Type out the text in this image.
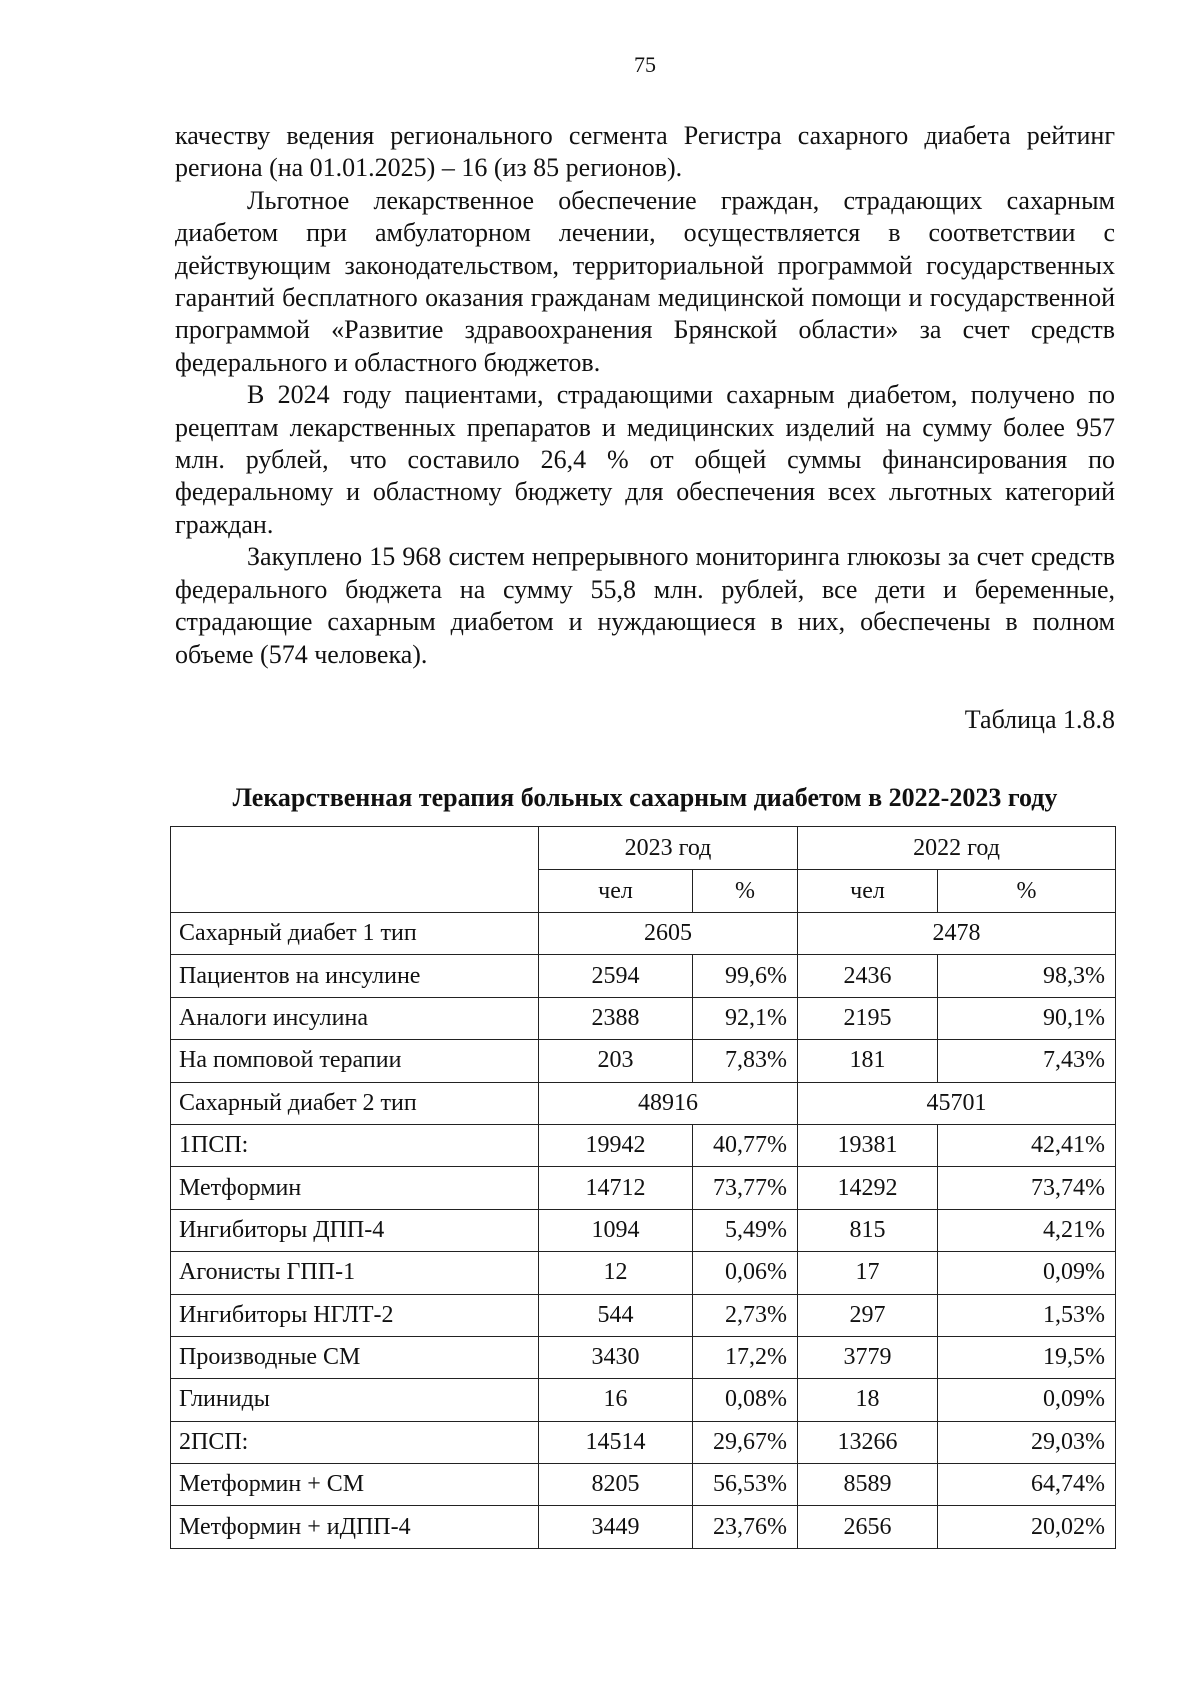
75

качеству ведения регионального сегмента Регистра сахарного диабета рейтинг региона (на 01.01.2025) – 16 (из 85 регионов).

Льготное лекарственное обеспечение граждан, страдающих сахарным диабетом при амбулаторном лечении, осуществляется в соответствии с действующим законодательством, территориальной программой государственных гарантий бесплатного оказания гражданам медицинской помощи и государственной программой «Развитие здравоохранения Брянской области» за счет средств федерального и областного бюджетов.

В 2024 году пациентами, страдающими сахарным диабетом, получено по рецептам лекарственных препаратов и медицинских изделий на сумму более 957 млн. рублей, что составило 26,4 % от общей суммы финансирования по федеральному и областному бюджету для обеспечения всех льготных категорий граждан.

Закуплено 15 968 систем непрерывного мониторинга глюкозы за счет средств федерального бюджета на сумму 55,8 млн. рублей, все дети и беременные, страдающие сахарным диабетом и нуждающиеся в них, обеспечены в полном объеме (574 человека).

Таблица 1.8.8
Лекарственная терапия больных сахарным диабетом в 2022-2023 году
	2023 год		2022 год	
	чел	%	чел	%
Сахарный диабет 1 тип	2605		2478	
Пациентов на инсулине	2594	99,6%	2436	98,3%
Аналоги инсулина	2388	92,1%	2195	90,1%
На помповой терапии	203	7,83%	181	7,43%
Сахарный диабет 2 тип	48916		45701	
1ПСП:	19942	40,77%	19381	42,41%
Метформин	14712	73,77%	14292	73,74%
Ингибиторы ДПП-4	1094	5,49%	815	4,21%
Агонисты ГПП-1	12	0,06%	17	0,09%
Ингибиторы НГЛТ-2	544	2,73%	297	1,53%
Производные СМ	3430	17,2%	3779	19,5%
Глиниды	16	0,08%	18	0,09%
2ПСП:	14514	29,67%	13266	29,03%
Метформин + СМ	8205	56,53%	8589	64,74%
Метформин + иДПП-4	3449	23,76%	2656	20,02%
